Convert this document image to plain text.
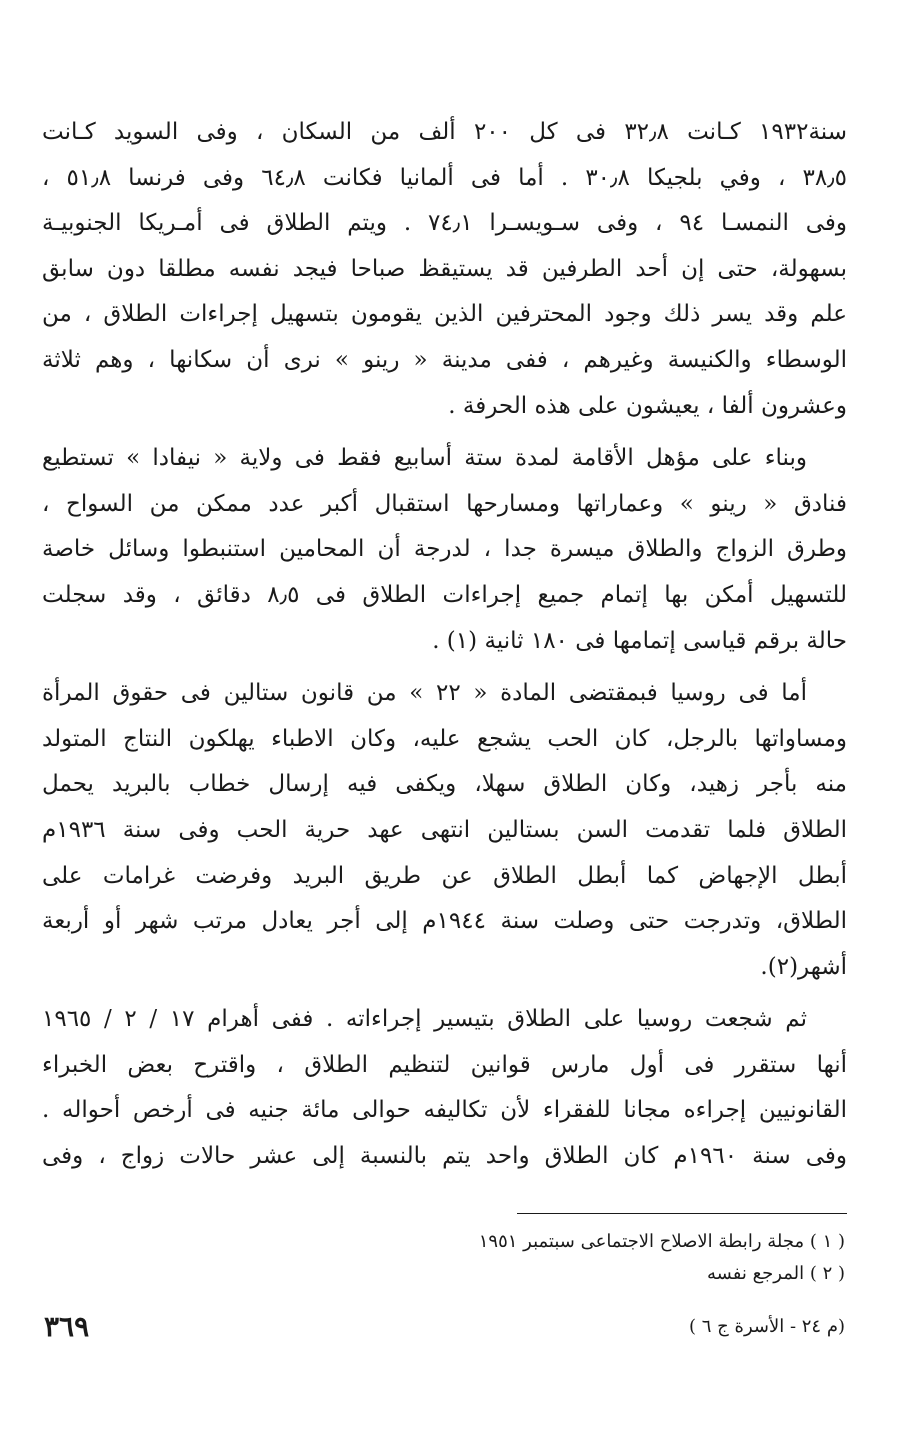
سنة١٩٣٢ كـانت ٣٢٫٨ فى كل ٢٠٠ ألف من السكان ، وفى السويد كـانت
٣٨٫٥ ، وفي بلجيكا ٣٠٫٨ . أما فى ألمانيا فكانت ٦٤٫٨ وفى فرنسا ٥١٫٨ ،
وفى النمسـا ٩٤ ، وفى سـويسـرا ٧٤٫١ . ويتم الطلاق فى أمـريكا الجنوبيـة
بسهولة، حتى إن أحد الطرفين قد يستيقظ صباحا فيجد نفسه مطلقا دون سابق
علم وقد يسر ذلك وجود المحترفين الذين يقومون بتسهيل إجراءات الطلاق ، من
الوسطاء والكنيسة وغيرهم ، ففى مدينة « رينو » نرى أن سكانها ، وهم ثلاثة
وعشرون ألفا ، يعيشون على هذه الحرفة .

وبناء على مؤهل الأقامة لمدة ستة أسابيع فقط فى ولاية « نيفادا » تستطيع
فنادق « رينو » وعماراتها ومسارحها استقبال أكبر عدد ممكن من السواح ،
وطرق الزواج والطلاق ميسرة جدا ، لدرجة أن المحامين استنبطوا وسائل خاصة
للتسهيل أمكن بها إتمام جميع إجراءات الطلاق فى ٨٫٥ دقائق ، وقد سجلت
حالة برقم قياسى إتمامها فى ١٨٠ ثانية (١) .

أما فى روسيا فبمقتضى المادة « ٢٢ » من قانون ستالين فى حقوق المرأة
ومساواتها بالرجل، كان الحب يشجع عليه، وكان الاطباء يهلكون النتاج المتولد
منه بأجر زهيد، وكان الطلاق سهلا، ويكفى فيه إرسال خطاب بالبريد يحمل
الطلاق فلما تقدمت السن بستالين انتهى عهد حرية الحب وفى سنة ١٩٣٦م
أبطل الإجهاض كما أبطل الطلاق عن طريق البريد وفرضت غرامات على
الطلاق، وتدرجت حتى وصلت سنة ١٩٤٤م إلى أجر يعادل مرتب شهر أو أربعة
أشهر(٢).

ثم شجعت روسيا على الطلاق بتيسير إجراءاته . ففى أهرام ١٧ / ٢ / ١٩٦٥
أنها ستقرر فى أول مارس قوانين لتنظيم الطلاق ، واقترح بعض الخبراء
القانونيين إجراءه مجانا للفقراء لأن تكاليفه حوالى مائة جنيه فى أرخص أحواله .
وفى سنة ١٩٦٠م كان الطلاق واحد يتم بالنسبة إلى عشر حالات زواج ، وفى

( ١ ) مجلة رابطة الاصلاح الاجتماعى سبتمبر ١٩٥١
( ٢ ) المرجع نفسه
٣٦٩	(م ٢٤ - الأسرة ج ٦ )
